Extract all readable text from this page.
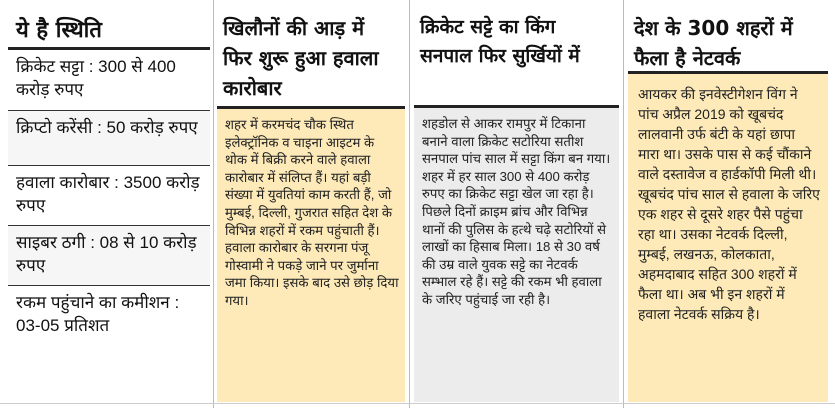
ये है स्थिति
क्रिकेट सट्टा : 300 से 400 करोड़ रुपए
क्रिप्टो करेंसी : 50 करोड़ रुपए
हवाला कारोबार : 3500 करोड़ रुपए
साइबर ठगी : 08 से 10 करोड़ रुपए
रकम पहुंचाने का कमीशन : 03-05 प्रतिशत
खिलौनों की आड़ में फिर शुरू हुआ हवाला कारोबार
शहर में करमचंद चौक स्थित इलेक्ट्रॉनिक व चाइना आइटम के थोक में बिक्री करने वाले हवाला कारोबार में संलिप्त हैं। यहां बड़ी संख्या में युवतियां काम करती हैं, जो मुम्बई, दिल्ली, गुजरात सहित देश के विभिन्न शहरों में रकम पहुंचाती हैं। हवाला कारोबार के सरगना पंजू गोस्वामी ने पकड़े जाने पर जुर्माना जमा किया। इसके बाद उसे छोड़ दिया गया।
क्रिकेट सट्टे का किंग सनपाल फिर सुर्खियों में
शहडोल से आकर रामपुर में टिकाना बनाने वाला क्रिकेट सटोरिया सतीश सनपाल पांच साल में सट्टा किंग बन गया। शहर में हर साल 300 से 400 करोड़ रुपए का क्रिकेट सट्टा खेल जा रहा है। पिछले दिनों क्राइम ब्रांच और विभिन्न थानों की पुलिस के हत्थे चढ़े सटोरियों से लाखों का हिसाब मिला। 18 से 30 वर्ष की उम्र वाले युवक सट्टे का नेटवर्क सम्भाल रहे हैं। सट्टे की रकम भी हवाला के जरिए पहुंचाई जा रही है।
देश के 300 शहरों में फैला है नेटवर्क
आयकर की इनवेस्टीगेशन विंग ने पांच अप्रैल 2019 को खूबचंद लालवानी उर्फ बंटी के यहां छापा मारा था। उसके पास से कई चौंकाने वाले दस्तावेज व हार्डकॉपी मिली थी। खूबचंद पांच साल से हवाला के जरिए एक शहर से दूसरे शहर पैसे पहुंचा रहा था। उसका नेटवर्क दिल्ली, मुम्बई, लखनऊ, कोलकाता, अहमदाबाद सहित 300 शहरों में फैला था। अब भी इन शहरों में हवाला नेटवर्क सक्रिय है।
